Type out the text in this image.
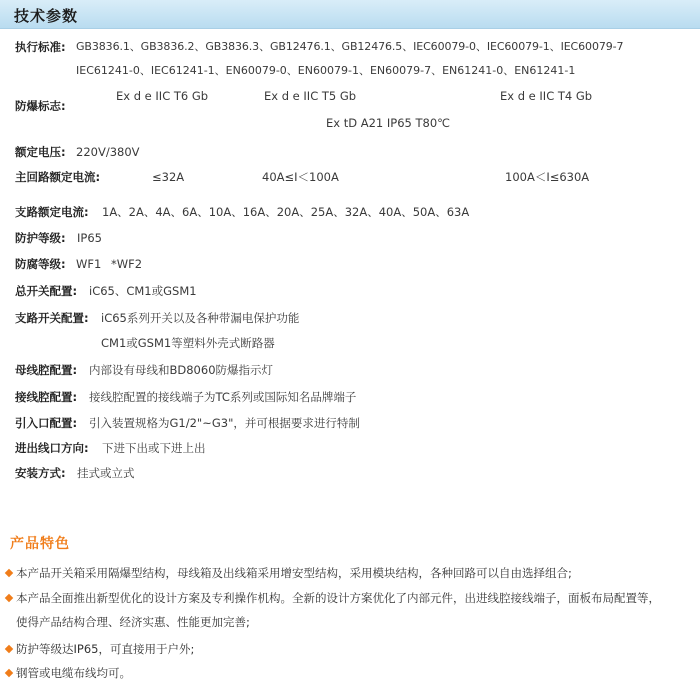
技术参数
执行标准: GB3836.1、GB3836.2、GB3836.3、GB12476.1、GB12476.5、IEC60079-0、IEC60079-1、IEC60079-7
IEC61241-0、IEC61241-1、EN60079-0、EN60079-1、EN60079-7、EN61241-0、EN61241-1
防爆标志:
Ex d e IIC T6 Gb	Ex d e IIC T5 Gb	Ex d e IIC T4 Gb
Ex tD A21 IP65 T80℃
额定电压: 220V/380V
主回路额定电流:	≤32A	40A≤I＜100A	100A＜I≤630A
支路额定电流: 1A、2A、4A、6A、10A、16A、20A、25A、32A、40A、50A、63A
防护等级: IP65
防腐等级: WF1 *WF2
总开关配置: iC65、CM1或GSM1
支路开关配置: iC65系列开关以及各种带漏电保护功能
CM1或GSM1等塑料外壳式断路器
母线腔配置: 内部设有母线和BD8060防爆指示灯
接线腔配置: 接线腔配置的接线端子为TC系列或国际知名品牌端子
引入口配置: 引入装置规格为G1/2"~G3"，并可根据要求进行特制
进出线口方向: 下进下出或下进上出
安装方式: 挂式或立式
产品特色
本产品开关箱采用隔爆型结构，母线箱及出线箱采用增安型结构，采用模块结构，各种回路可以自由选择组合;
本产品全面推出新型优化的设计方案及专利操作机构。全新的设计方案优化了内部元件，出进线腔接线端子，面板布局配置等，
使得产品结构合理、经济实惠、性能更加完善;
防护等级达IP65，可直接用于户外;
钢管或电缆布线均可。
